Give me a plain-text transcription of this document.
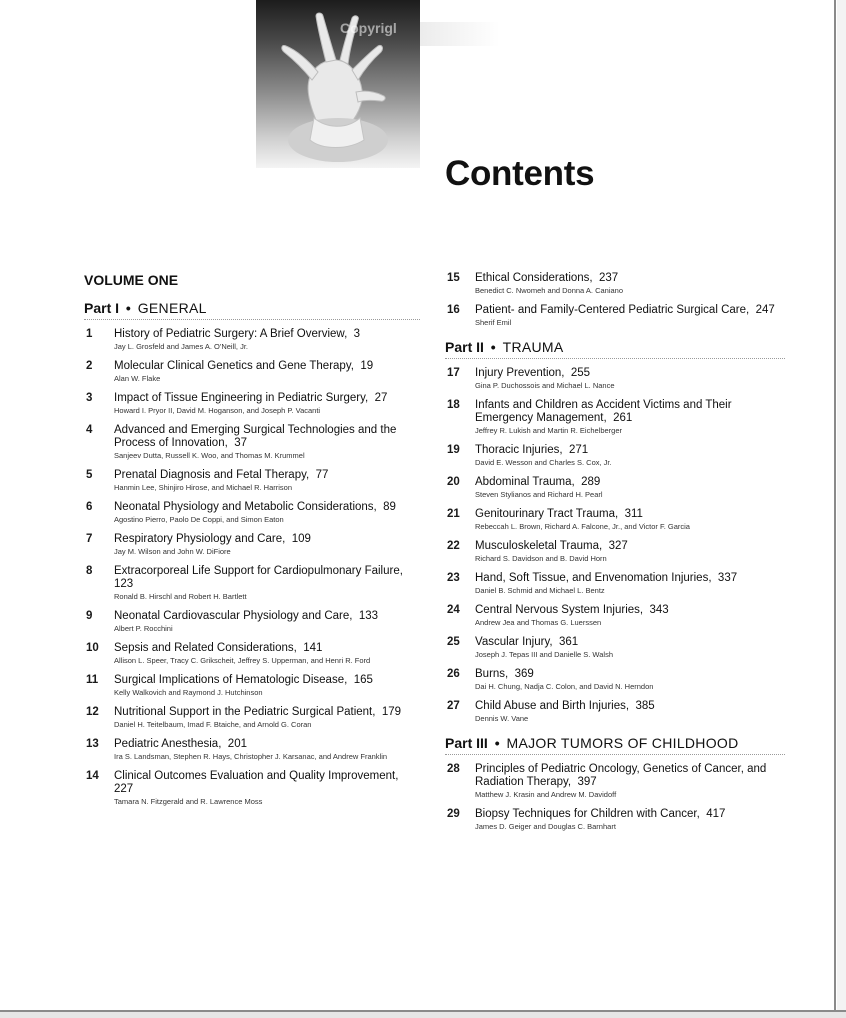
Copyrigl
Contents
VOLUME ONE
Part I • GENERAL
1	History of Pediatric Surgery: A Brief Overview, 3
Jay L. Grosfeld and James A. O'Neill, Jr.
2	Molecular Clinical Genetics and Gene Therapy, 19
Alan W. Flake
3	Impact of Tissue Engineering in Pediatric Surgery, 27
Howard I. Pryor II, David M. Hoganson, and Joseph P. Vacanti
4	Advanced and Emerging Surgical Technologies and the Process of Innovation, 37
Sanjeev Dutta, Russell K. Woo, and Thomas M. Krummel
5	Prenatal Diagnosis and Fetal Therapy, 77
Hanmin Lee, Shinjiro Hirose, and Michael R. Harrison
6	Neonatal Physiology and Metabolic Considerations, 89
Agostino Pierro, Paolo De Coppi, and Simon Eaton
7	Respiratory Physiology and Care, 109
Jay M. Wilson and John W. DiFiore
8	Extracorporeal Life Support for Cardiopulmonary Failure,  123
Ronald B. Hirschl and Robert H. Bartlett
9	Neonatal Cardiovascular Physiology and Care, 133
Albert P. Rocchini
10	Sepsis and Related Considerations, 141
Allison L. Speer, Tracy C. Grikscheit, Jeffrey S. Upperman, and Henri R. Ford
11	Surgical Implications of Hematologic Disease, 165
Kelly Walkovich and Raymond J. Hutchinson
12	Nutritional Support in the Pediatric Surgical Patient, 179
Daniel H. Teitelbaum, Imad F. Btaiche, and Arnold G. Coran
13	Pediatric Anesthesia, 201
Ira S. Landsman, Stephen R. Hays, Christopher J. Karsanac, and Andrew Franklin
14	Clinical Outcomes Evaluation and Quality Improvement,  227
Tamara N. Fitzgerald and R. Lawrence Moss
15	Ethical Considerations, 237
Benedict C. Nwomeh and Donna A. Caniano
16	Patient- and Family-Centered Pediatric Surgical Care, 247
Sherif Emil
Part II • TRAUMA
17	Injury Prevention, 255
Gina P. Duchossois and Michael L. Nance
18	Infants and Children as Accident Victims and Their Emergency Management, 261
Jeffrey R. Lukish and Martin R. Eichelberger
19	Thoracic Injuries, 271
David E. Wesson and Charles S. Cox, Jr.
20	Abdominal Trauma, 289
Steven Stylianos and Richard H. Pearl
21	Genitourinary Tract Trauma, 311
Rebeccah L. Brown, Richard A. Falcone, Jr., and Victor F. Garcia
22	Musculoskeletal Trauma, 327
Richard S. Davidson and B. David Horn
23	Hand, Soft Tissue, and Envenomation Injuries, 337
Daniel B. Schmid and Michael L. Bentz
24	Central Nervous System Injuries, 343
Andrew Jea and Thomas G. Luerssen
25	Vascular Injury, 361
Joseph J. Tepas III and Danielle S. Walsh
26	Burns, 369
Dai H. Chung, Nadja C. Colon, and David N. Herndon
27	Child Abuse and Birth Injuries, 385
Dennis W. Vane
Part III • MAJOR TUMORS OF CHILDHOOD
28	Principles of Pediatric Oncology, Genetics of Cancer, and Radiation Therapy, 397
Matthew J. Krasin and Andrew M. Davidoff
29	Biopsy Techniques for Children with Cancer, 417
James D. Geiger and Douglas C. Barnhart
